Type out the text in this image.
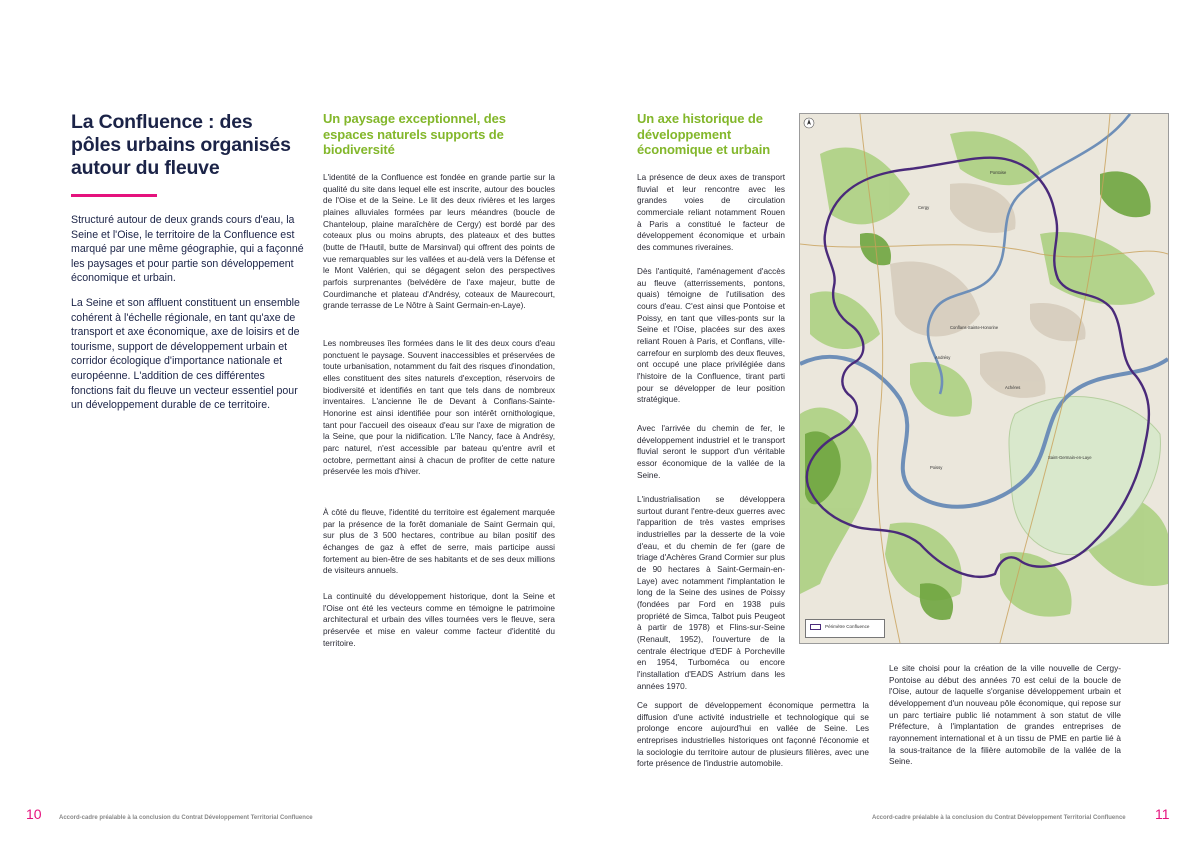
La Confluence : des pôles urbains organisés autour du fleuve

Structuré autour de deux grands cours d'eau, la Seine et l'Oise, le territoire de la Confluence est marqué par une même géographie, qui a façonné les paysages et pour partie son développement économique et urbain.

La Seine et son affluent constituent un ensemble cohérent à l'échelle régionale, en tant qu'axe de transport et axe économique, axe de loisirs et de tourisme, support de développement urbain et corridor écologique d'importance nationale et européenne. L'addition de ces différentes fonctions fait du fleuve un vecteur essentiel pour un développement durable de ce territoire.

Un paysage exceptionnel, des espaces naturels supports de biodiversité

L'identité de la Confluence est fondée en grande partie sur la qualité du site dans lequel elle est inscrite, autour des boucles de l'Oise et de la Seine. Le lit des deux rivières et les larges plaines alluviales formées par leurs méandres (boucle de Chanteloup, plaine maraîchère de Cergy) est bordé par des coteaux plus ou moins abrupts, des plateaux et des buttes (butte de l'Hautil, butte de Marsinval) qui offrent des points de vue remarquables sur les vallées et au-delà vers la Défense et le Mont Valérien, qui se dégagent selon des perspectives parfois surprenantes (belvédère de l'axe majeur, butte de Courdimanche et plateau d'Andrésy, coteaux de Maurecourt, grande terrasse de Le Nôtre à Saint Germain-en-Laye).

Les nombreuses îles formées dans le lit des deux cours d'eau ponctuent le paysage. Souvent inaccessibles et préservées de toute urbanisation, notamment du fait des risques d'inondation, elles constituent des sites naturels d'exception, réservoirs de biodiversité et identifiés en tant que tels dans de nombreux inventaires. L'ancienne île de Devant à Conflans-Sainte-Honorine est ainsi identifiée pour son intérêt ornithologique, tant pour l'accueil des oiseaux d'eau sur l'axe de migration de la Seine, que pour la nidification. L'île Nancy, face à Andrésy, parc naturel, n'est accessible par bateau qu'entre avril et octobre, permettant ainsi à chacun de profiter de cette nature préservée les mois d'hiver.

À côté du fleuve, l'identité du territoire est également marquée par la présence de la forêt domaniale de Saint Germain qui, sur plus de 3 500 hectares, contribue au bilan positif des échanges de gaz à effet de serre, mais participe aussi fortement au bien-être de ses habitants et de ses deux millions de visiteurs annuels.

La continuité du développement historique, dont la Seine et l'Oise ont été les vecteurs comme en témoigne le patrimoine architectural et urbain des villes tournées vers le fleuve, sera préservée et mise en valeur comme facteur d'identité du territoire.

10	Accord-cadre préalable à la conclusion du Contrat Développement Territorial Confluence
Un axe historique de développement économique et urbain

La présence de deux axes de transport fluvial et leur rencontre avec les grandes voies de circulation commerciale reliant notamment Rouen à Paris a constitué le facteur de développement économique et urbain des communes riveraines.

Dès l'antiquité, l'aménagement d'accès au fleuve (atterrissements, pontons, quais) témoigne de l'utilisation des cours d'eau. C'est ainsi que Pontoise et Poissy, en tant que villes-ponts sur la Seine et l'Oise, placées sur des axes reliant Rouen à Paris, et Conflans, ville-carrefour en surplomb des deux fleuves, ont occupé une place privilégiée dans l'histoire de la Confluence, tirant parti pour se développer de leur position stratégique.

Avec l'arrivée du chemin de fer, le développement industriel et le transport fluvial seront le support d'un véritable essor économique de la vallée de la Seine.

L'industrialisation se développera surtout durant l'entre-deux guerres avec l'apparition de très vastes emprises industrielles par la desserte de la voie d'eau, et du chemin de fer (gare de triage d'Achères Grand Cormier sur plus de 90 hectares à Saint-Germain-en-Laye) avec notamment l'implantation le long de la Seine des usines de Poissy (fondées par Ford en 1938 puis propriété de Simca, Talbot puis Peugeot à partir de 1978) et Flins-sur-Seine (Renault, 1952), l'ouverture de la centrale électrique d'EDF à Porcheville en 1954, Turboméca ou encore l'installation d'EADS Astrium dans les années 1970.

Ce support de développement économique permettra la diffusion d'une activité industrielle et technologique qui se prolonge encore aujourd'hui en vallée de Seine. Les entreprises industrielles historiques ont façonné l'économie et la sociologie du territoire autour de plusieurs filières, avec une forte présence de l'industrie automobile.

Le site choisi pour la création de la ville nouvelle de Cergy-Pontoise au début des années 70 est celui de la boucle de l'Oise, autour de laquelle s'organise développement urbain et développement d'un nouveau pôle économique, qui repose sur un parc tertiaire public lié notamment à son statut de ville Préfecture, à l'implantation de grandes entreprises de rayonnement international et à un tissu de PME en partie lié à la sous-traitance de la filière automobile de la vallée de la Seine.

Cergy
Pontoise
Saint-Germain-en-Laye
Poissy
Conflans-Sainte-Honorine
Andrésy
Achères
Périmètre Confluence
Accord-cadre préalable à la conclusion du Contrat Développement Territorial Confluence 11
